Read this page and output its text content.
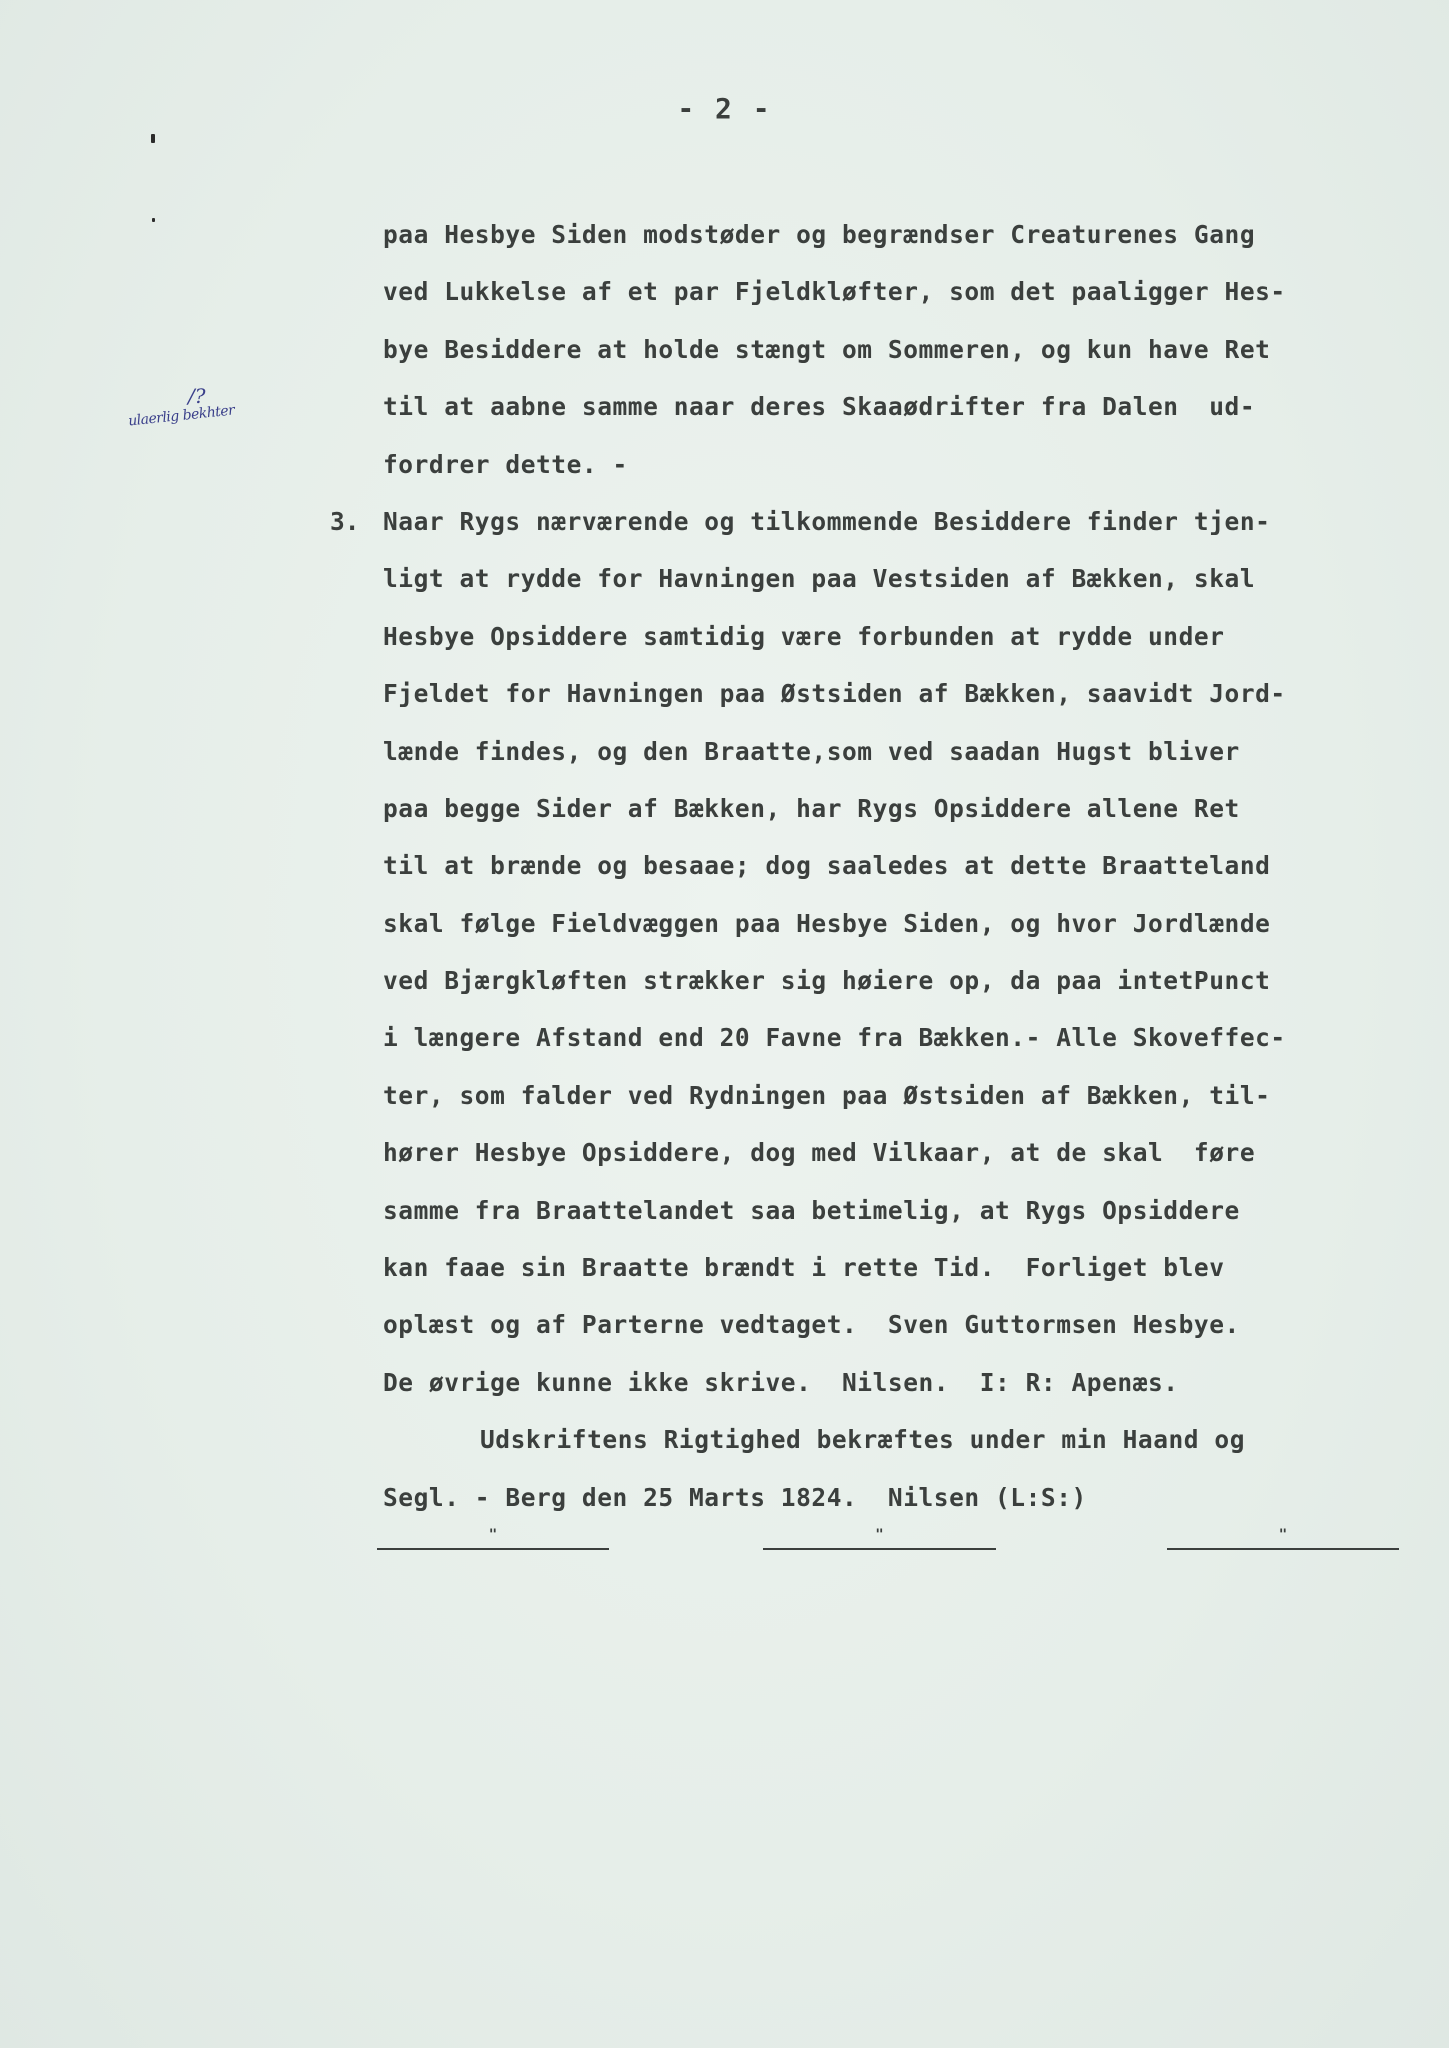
- 2 -
/?
ulaerlig bekhter
3.
paa Hesbye Siden modstøder og begrændser Creaturenes Gang
ved Lukkelse af et par Fjeldkløfter, som det paaligger Hes-
bye Besiddere at holde stængt om Sommeren, og kun have Ret
til at aabne samme naar deres Skaaødrifter fra Dalen  ud-
fordrer dette. -
Naar Rygs nærværende og tilkommende Besiddere finder tjen-
ligt at rydde for Havningen paa Vestsiden af Bækken, skal
Hesbye Opsiddere samtidig være forbunden at rydde under
Fjeldet for Havningen paa Østsiden af Bækken, saavidt Jord-
lænde findes, og den Braatte,som ved saadan Hugst bliver
paa begge Sider af Bækken, har Rygs Opsiddere allene Ret
til at brænde og besaae; dog saaledes at dette Braatteland
skal følge Fieldvæggen paa Hesbye Siden, og hvor Jordlænde
ved Bjærgkløften strækker sig høiere op, da paa intetPunct
i længere Afstand end 20 Favne fra Bækken.- Alle Skoveffec-
ter, som falder ved Rydningen paa Østsiden af Bækken, til-
hører Hesbye Opsiddere, dog med Vilkaar, at de skal  føre
samme fra Braattelandet saa betimelig, at Rygs Opsiddere
kan faae sin Braatte brændt i rette Tid.  Forliget blev
oplæst og af Parterne vedtaget.  Sven Guttormsen Hesbye.
De øvrige kunne ikke skrive.  Nilsen.  I: R: Apenæs.
Udskriftens Rigtighed bekræftes under min Haand og
Segl. - Berg den 25 Marts 1824.  Nilsen (L:S:)
"	"	"
